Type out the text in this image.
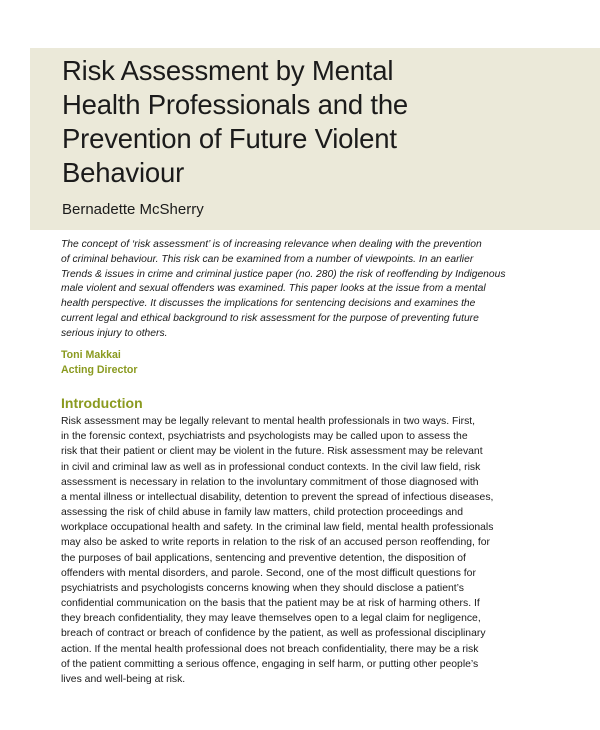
Risk Assessment by Mental
Health Professionals and the
Prevention of Future Violent
Behaviour
Bernadette McSherry
The concept of ‘risk assessment’ is of increasing relevance when dealing with the prevention
of criminal behaviour. This risk can be examined from a number of viewpoints. In an earlier
Trends & issues in crime and criminal justice paper (no. 280) the risk of reoffending by Indigenous
male violent and sexual offenders was examined. This paper looks at the issue from a mental
health perspective. It discusses the implications for sentencing decisions and examines the
current legal and ethical background to risk assessment for the purpose of preventing future
serious injury to others.
Toni Makkai
Acting Director
Introduction
Risk assessment may be legally relevant to mental health professionals in two ways. First,
in the forensic context, psychiatrists and psychologists may be called upon to assess the
risk that their patient or client may be violent in the future. Risk assessment may be relevant
in civil and criminal law as well as in professional conduct contexts. In the civil law field, risk
assessment is necessary in relation to the involuntary commitment of those diagnosed with
a mental illness or intellectual disability, detention to prevent the spread of infectious diseases,
assessing the risk of child abuse in family law matters, child protection proceedings and
workplace occupational health and safety. In the criminal law field, mental health professionals
may also be asked to write reports in relation to the risk of an accused person reoffending, for
the purposes of bail applications, sentencing and preventive detention, the disposition of
offenders with mental disorders, and parole. Second, one of the most difficult questions for
psychiatrists and psychologists concerns knowing when they should disclose a patient’s
confidential communication on the basis that the patient may be at risk of harming others. If
they breach confidentiality, they may leave themselves open to a legal claim for negligence,
breach of contract or breach of confidence by the patient, as well as professional disciplinary
action. If the mental health professional does not breach confidentiality, there may be a risk
of the patient committing a serious offence, engaging in self harm, or putting other people’s
lives and well-being at risk.
